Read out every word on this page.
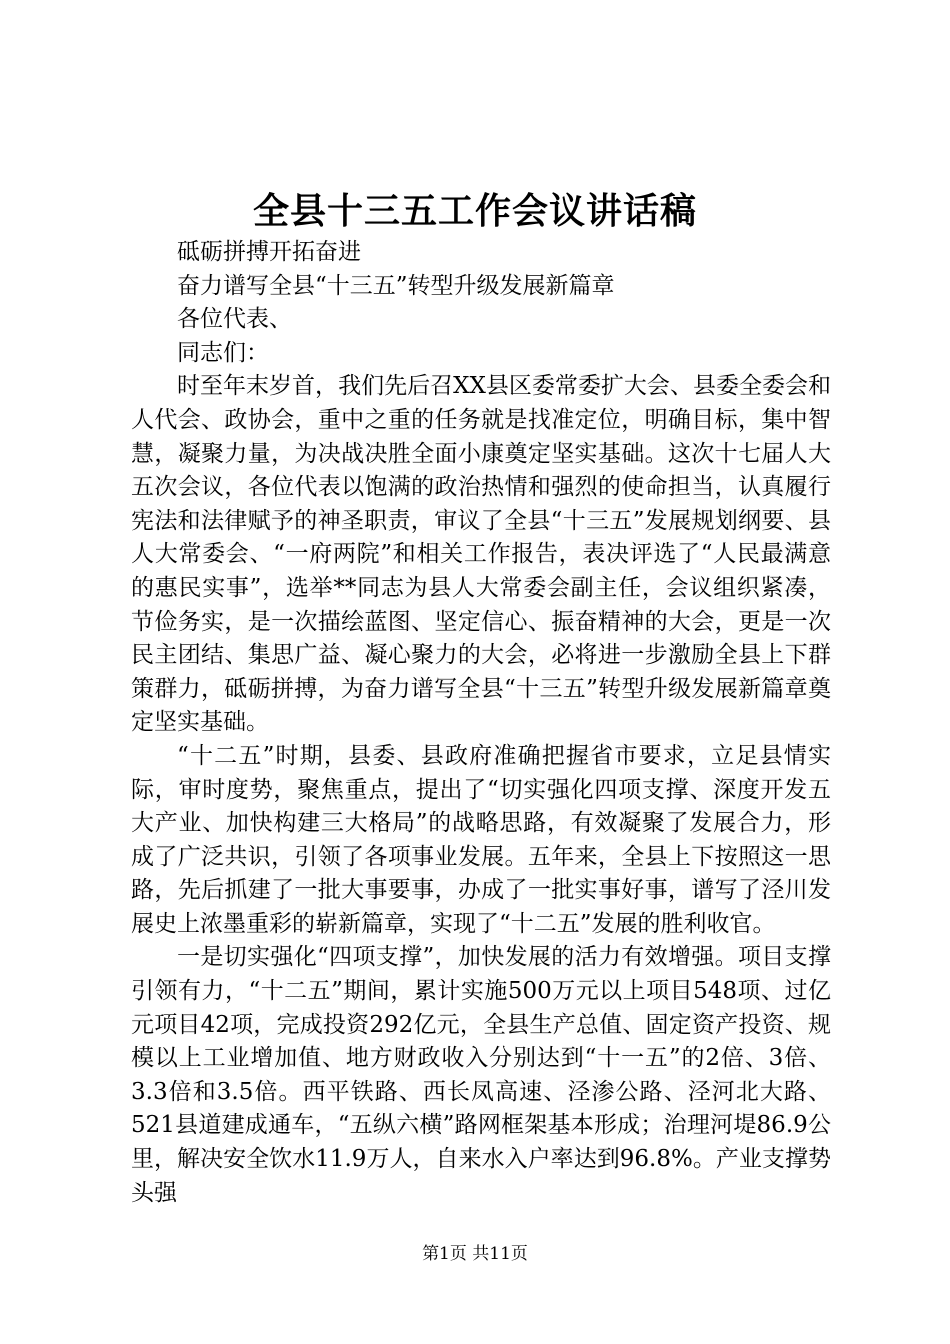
全县十三五工作会议讲话稿

砥砺拼搏开拓奋进

奋力谱写全县“十三五”转型升级发展新篇章

各位代表、

同志们：

时至年末岁首，我们先后召XX县区委常委扩大会、县委全委会和人代会、政协会，重中之重的任务就是找准定位，明确目标，集中智慧，凝聚力量，为决战决胜全面小康奠定坚实基础。这次十七届人大五次会议，各位代表以饱满的政治热情和强烈的使命担当，认真履行宪法和法律赋予的神圣职责，审议了全县“十三五”发展规划纲要、县人大常委会、“一府两院”和相关工作报告，表决评选了“人民最满意的惠民实事”，选举**同志为县人大常委会副主任，会议组织紧凑，节俭务实，是一次描绘蓝图、坚定信心、振奋精神的大会，更是一次民主团结、集思广益、凝心聚力的大会，必将进一步激励全县上下群策群力，砥砺拼搏，为奋力谱写全县“十三五”转型升级发展新篇章奠定坚实基础。

“十二五”时期，县委、县政府准确把握省市要求，立足县情实际，审时度势，聚焦重点，提出了“切实强化四项支撑、深度开发五大产业、加快构建三大格局”的战略思路，有效凝聚了发展合力，形成了广泛共识，引领了各项事业发展。五年来，全县上下按照这一思路，先后抓建了一批大事要事，办成了一批实事好事，谱写了泾川发展史上浓墨重彩的崭新篇章，实现了“十二五”发展的胜利收官。

一是切实强化“四项支撑”，加快发展的活力有效增强。项目支撑引领有力，“十二五”期间，累计实施500万元以上项目548项、过亿元项目42项，完成投资292亿元，全县生产总值、固定资产投资、规模以上工业增加值、地方财政收入分别达到“十一五”的2倍、3倍、3.3倍和3.5倍。西平铁路、西长凤高速、泾渗公路、泾河北大路、521县道建成通车，“五纵六横”路网框架基本形成；治理河堤86.9公里，解决安全饮水11.9万人，自来水入户率达到96.8%。产业支撑势头强

第1页 共11页
